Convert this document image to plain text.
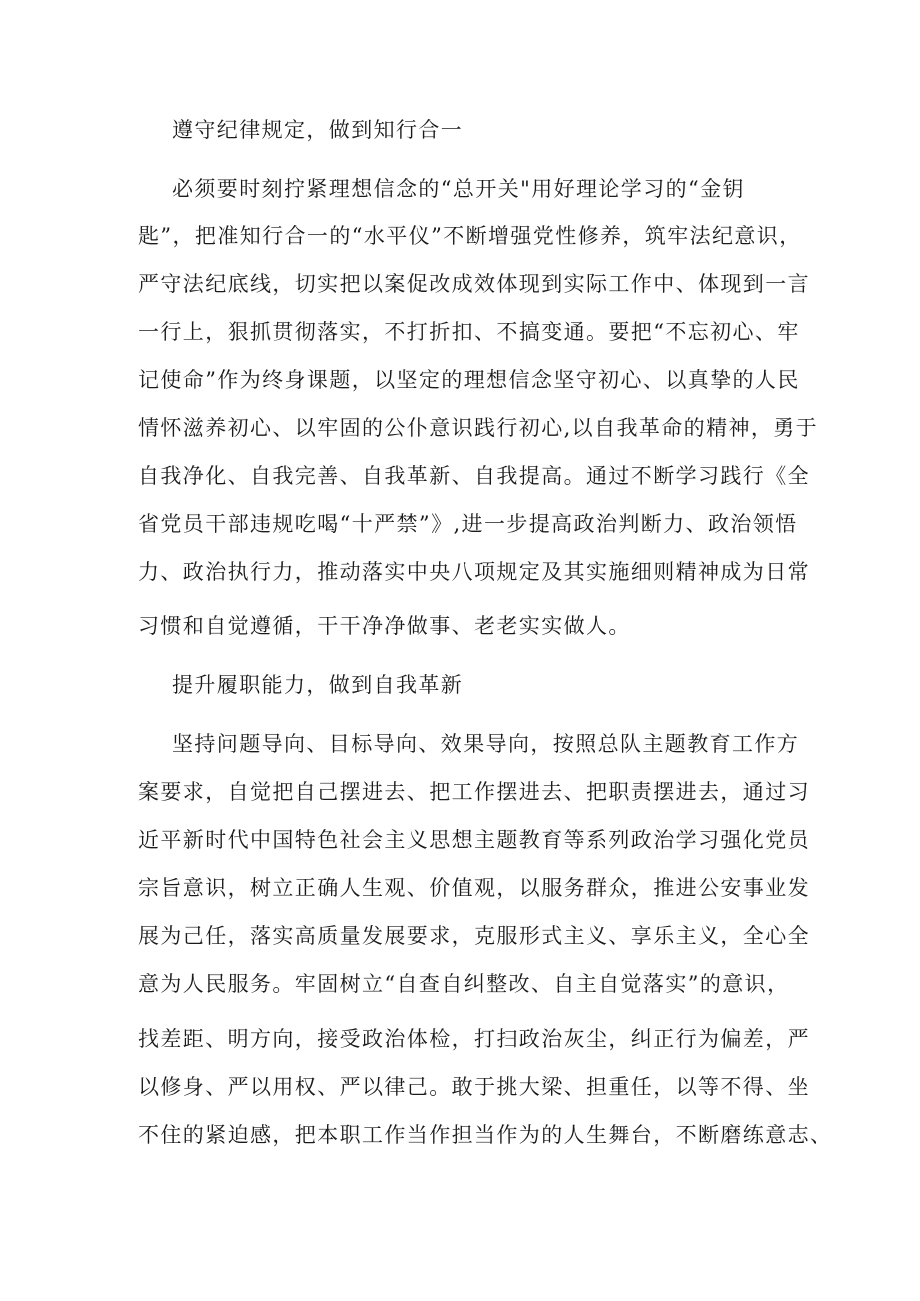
遵守纪律规定，做到知行合一
必须要时刻拧紧理想信念的“总开关"用好理论学习的“金钥
匙”，把准知行合一的“水平仪”不断增强党性修养，筑牢法纪意识，
严守法纪底线，切实把以案促改成效体现到实际工作中、体现到一言
一行上，狠抓贯彻落实，不打折扣、不搞变通。要把“不忘初心、牢
记使命”作为终身课题，以坚定的理想信念坚守初心、以真挚的人民
情怀滋养初心、以牢固的公仆意识践行初心,以自我革命的精神，勇于
自我净化、自我完善、自我革新、自我提高。通过不断学习践行《全
省党员干部违规吃喝“十严禁”》,进一步提高政治判断力、政治领悟
力、政治执行力，推动落实中央八项规定及其实施细则精神成为日常
习惯和自觉遵循，干干净净做事、老老实实做人。
提升履职能力，做到自我革新
坚持问题导向、目标导向、效果导向，按照总队主题教育工作方
案要求，自觉把自己摆进去、把工作摆进去、把职责摆进去，通过习
近平新时代中国特色社会主义思想主题教育等系列政治学习强化党员
宗旨意识，树立正确人生观、价值观，以服务群众，推进公安事业发
展为己任，落实高质量发展要求，克服形式主义、享乐主义，全心全
意为人民服务。牢固树立“自查自纠整改、自主自觉落实”的意识，
找差距、明方向，接受政治体检，打扫政治灰尘，纠正行为偏差，严
以修身、严以用权、严以律己。敢于挑大梁、担重任，以等不得、坐
不住的紧迫感，把本职工作当作担当作为的人生舞台，不断磨练意志、
